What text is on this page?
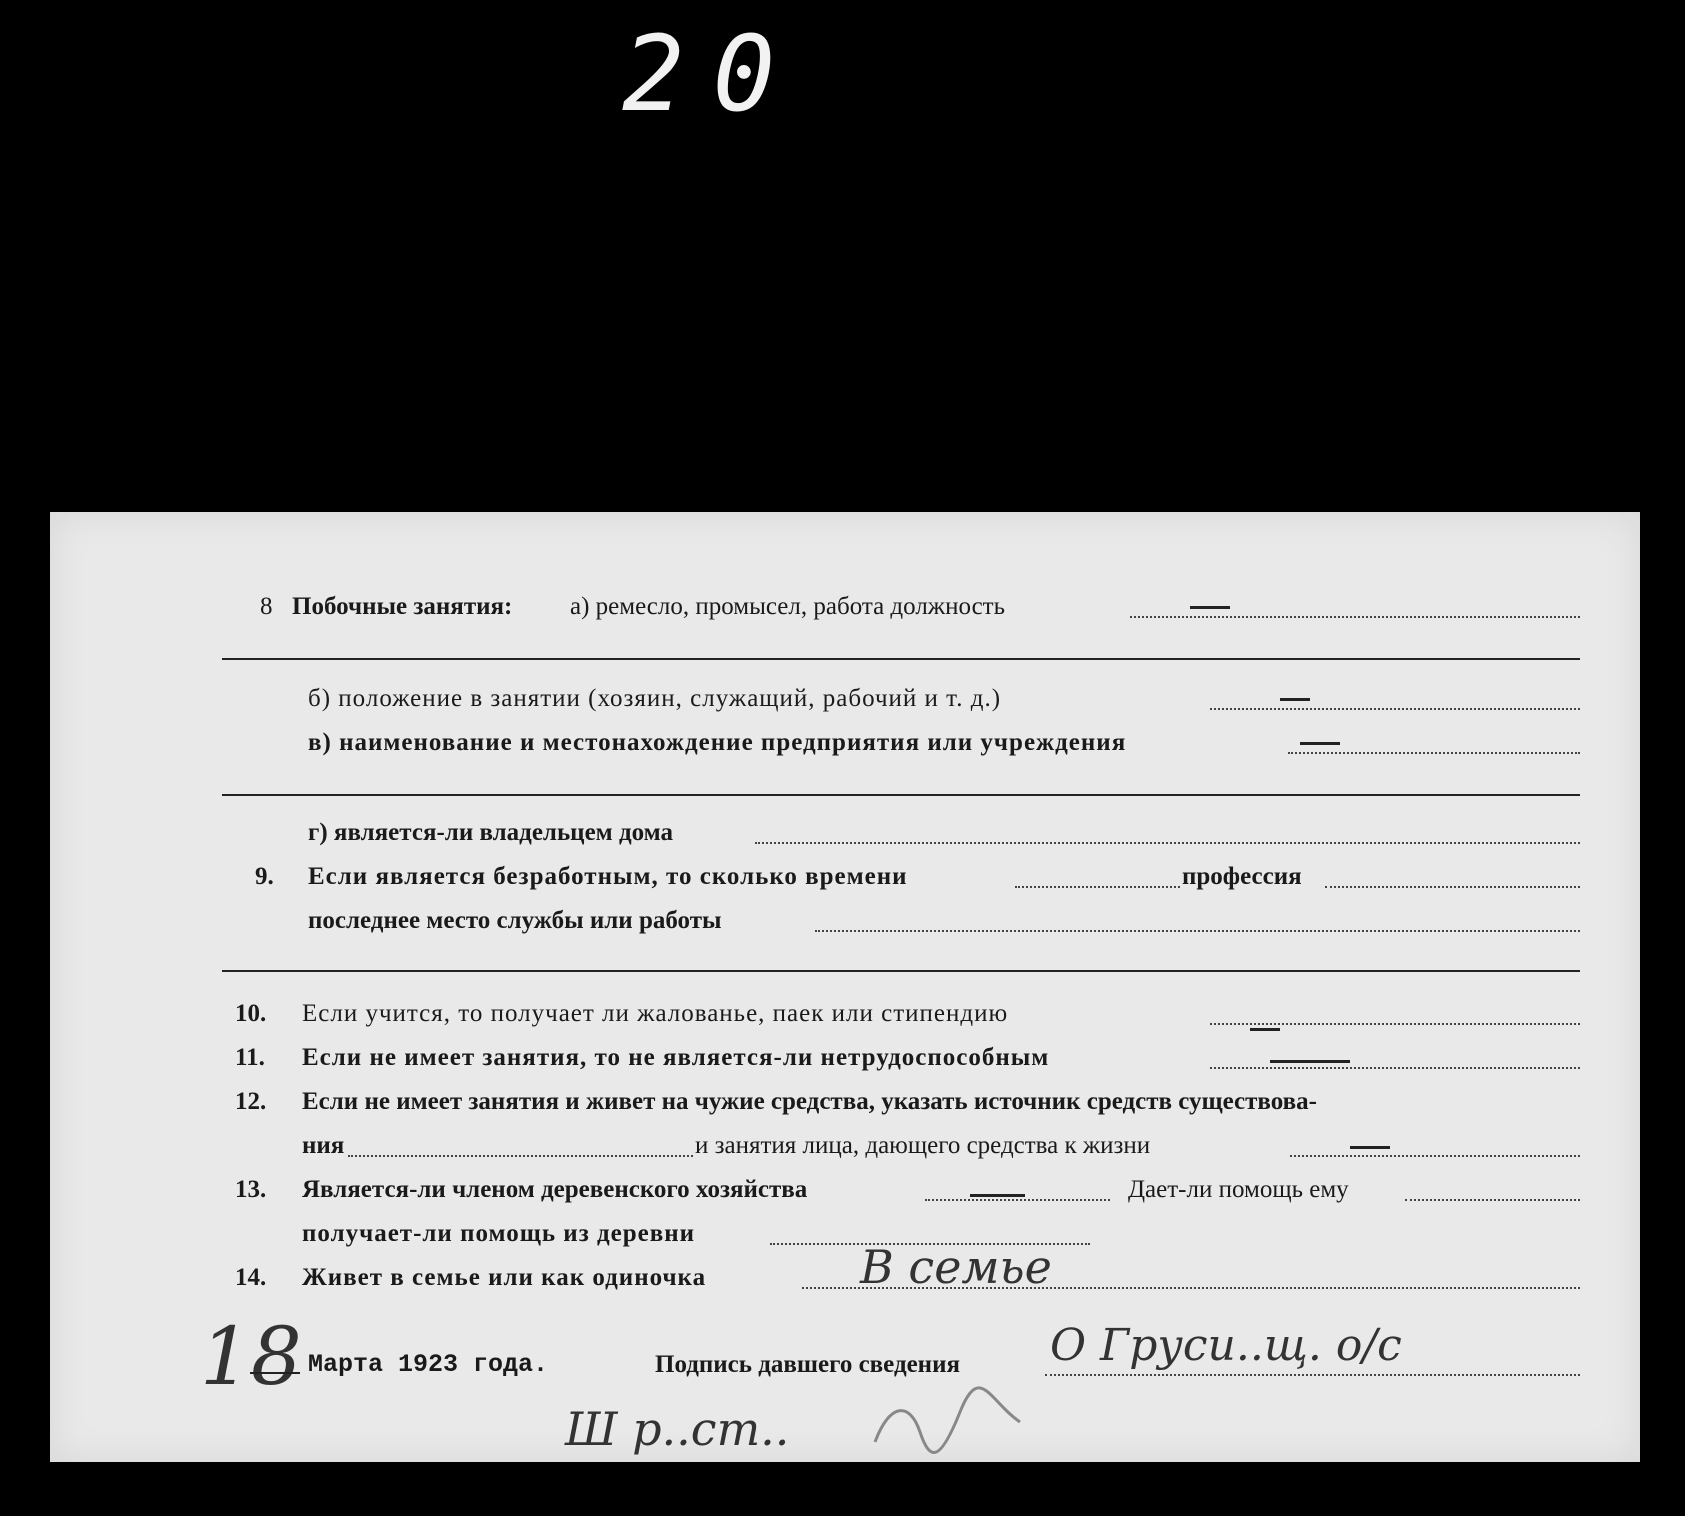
20
8 Побочные занятия: а) ремесло, промысел, работа должность
б) положение в занятии (хозяин, служащий, рабочий и т. д.)
в) наименование и местонахождение предприятия или учреждения
г) является-ли владельцем дома
9. Если является безработным, то сколько времени	профессия
последнее место службы или работы
10. Если учится, то получает ли жалованье, паек или стипендию
11. Если не имеет занятия, то не является-ли нетрудоспособным
12. Если не имеет занятия и живет на чужие средства, указать источник средств существова-
ния	и занятия лица, дающего средства к жизни
13. Является-ли членом деревенского хозяйства	Дает-ли помощь ему
получает-ли помощь из деревни
14. Живет в семье или как одиночка	В семье
18 Марта 1923 года.	Подпись давшего сведения О Груси..щ. о/с
Ш р..ст..
